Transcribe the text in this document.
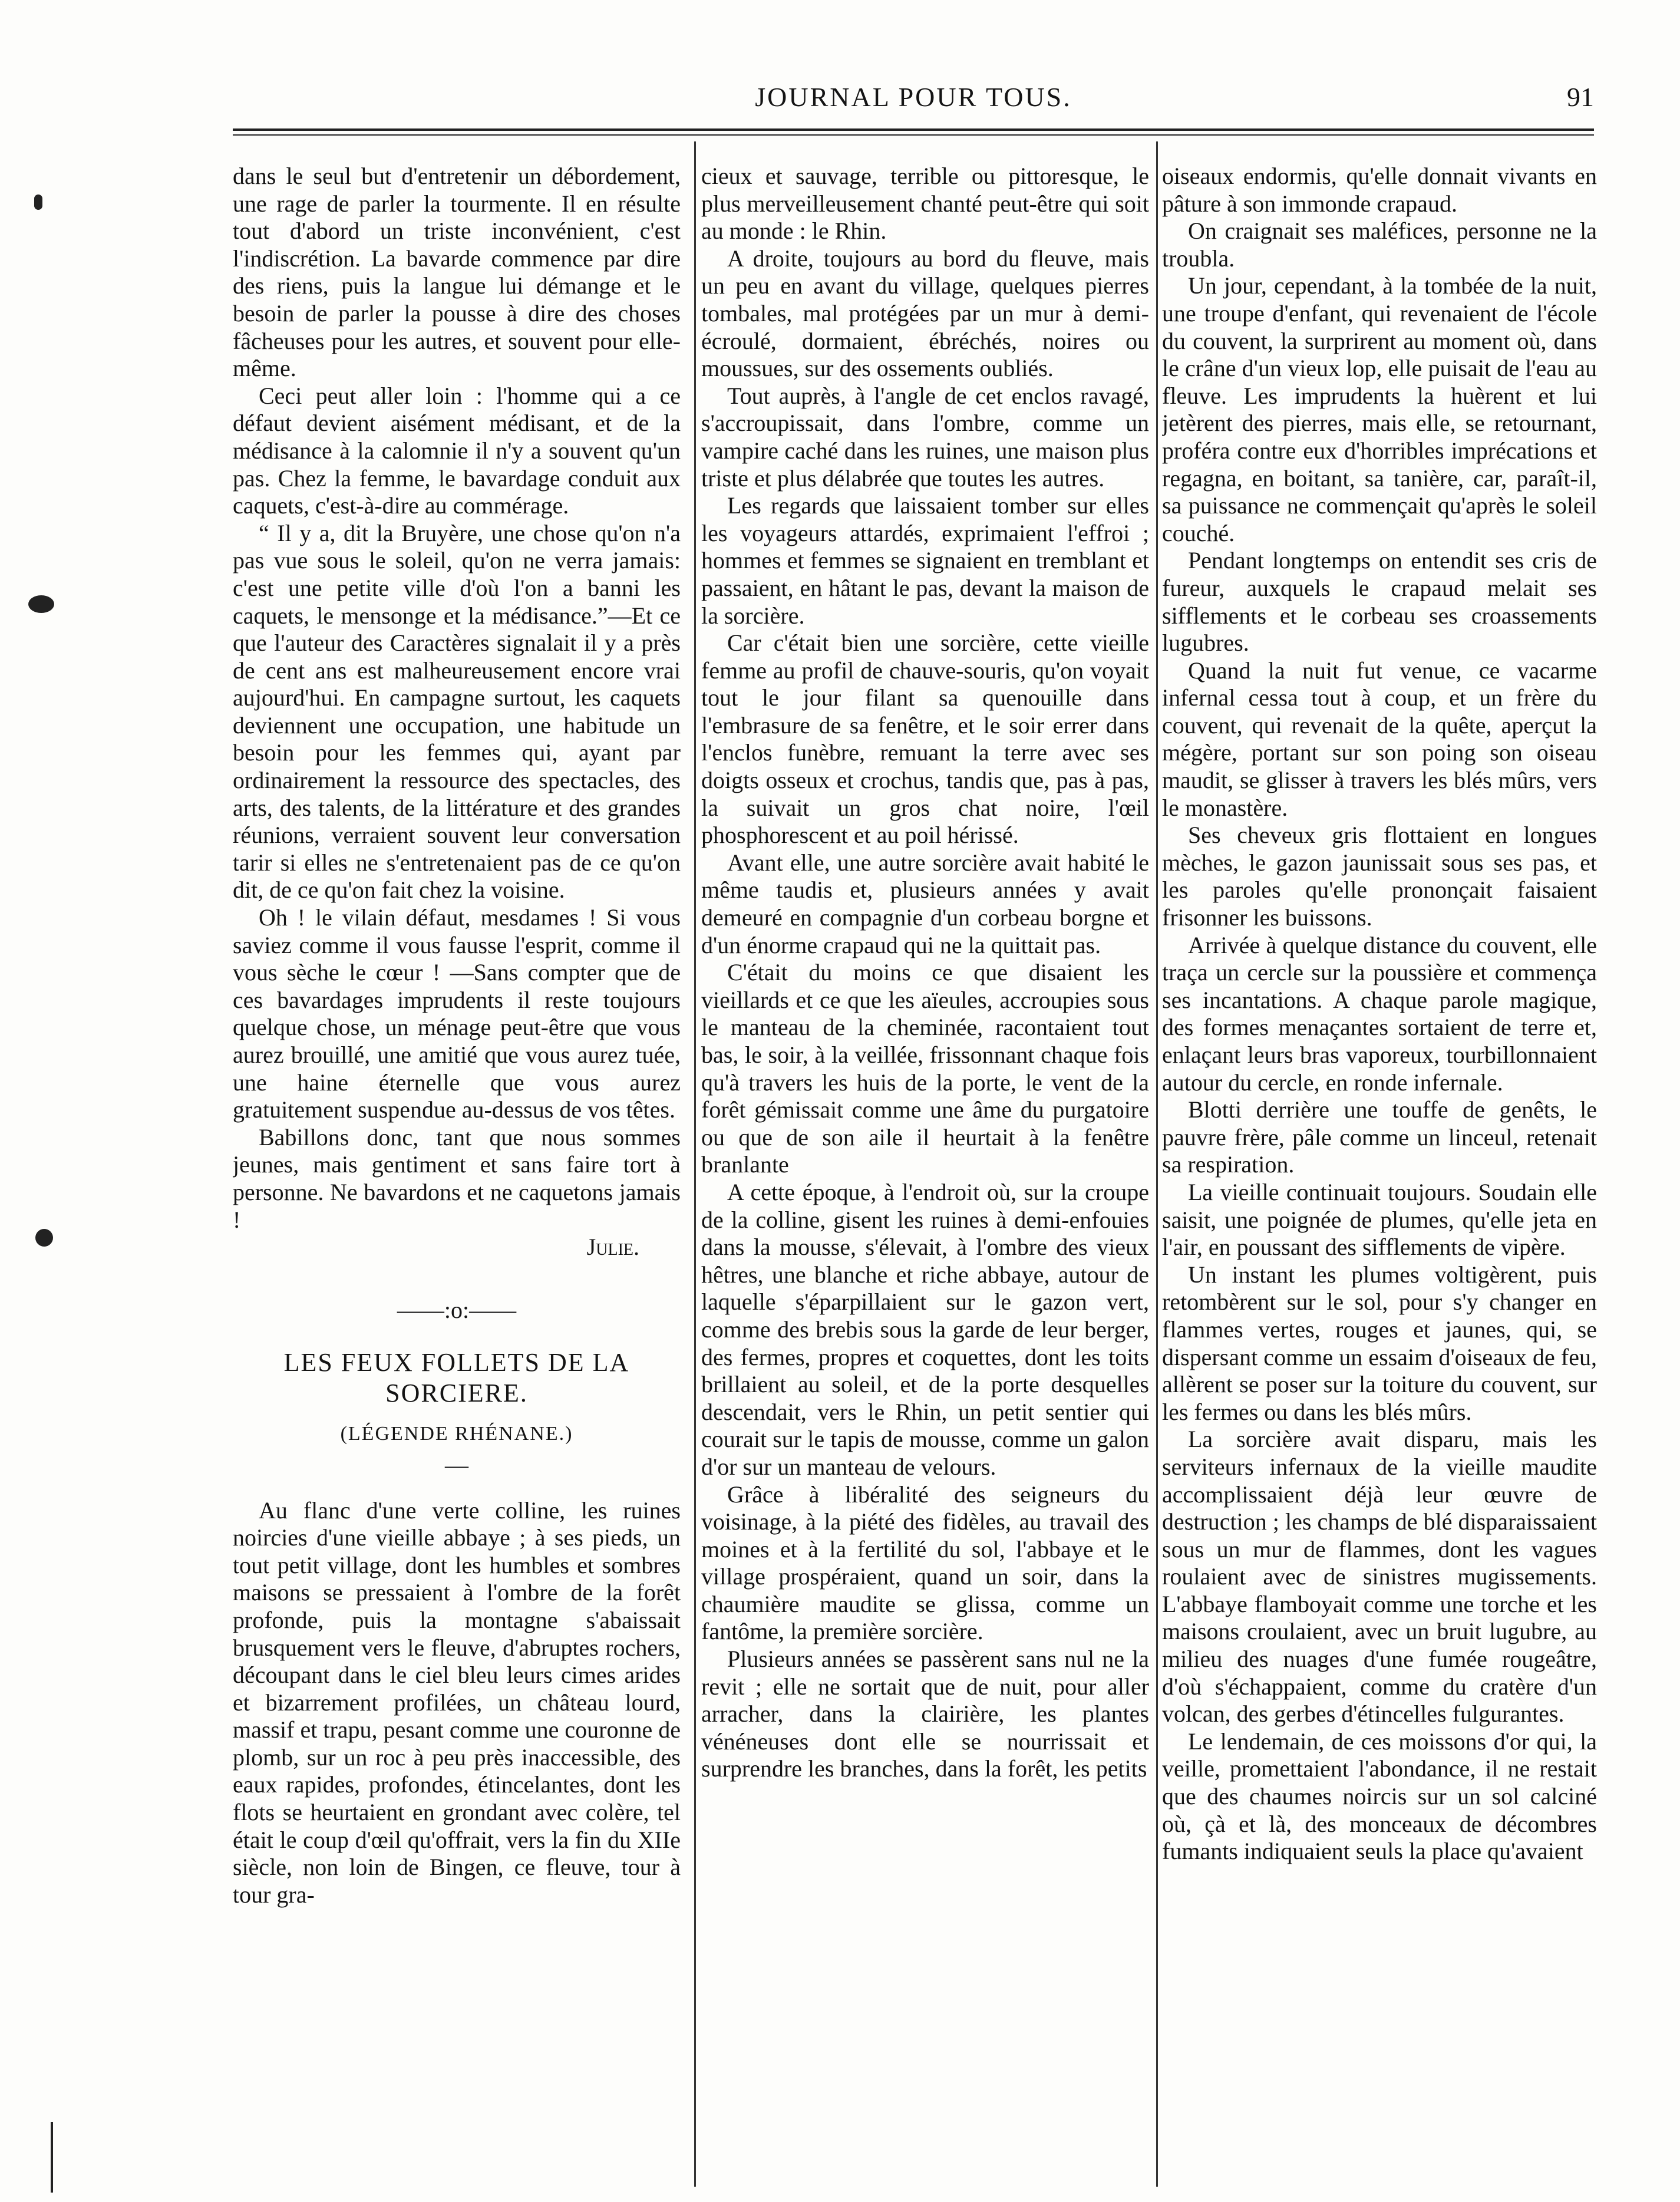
JOURNAL POUR TOUS.	91

dans le seul but d'entretenir un débordement, une rage de parler la tourmente. Il en résulte tout d'abord un triste inconvénient, c'est l'indiscrétion. La bavarde commence par dire des riens, puis la langue lui démange et le besoin de parler la pousse à dire des choses fâcheuses pour les autres, et souvent pour elle-même.

Ceci peut aller loin : l'homme qui a ce défaut devient aisément médisant, et de la médisance à la calomnie il n'y a souvent qu'un pas. Chez la femme, le bavardage conduit aux caquets, c'est-à-dire au commérage.

“ Il y a, dit la Bruyère, une chose qu'on n'a pas vue sous le soleil, qu'on ne verra jamais: c'est une petite ville d'où l'on a banni les caquets, le mensonge et la médisance.”—Et ce que l'auteur des Caractères signalait il y a près de cent ans est malheureusement encore vrai aujourd'hui. En campagne surtout, les caquets deviennent une occupation, une habitude un besoin pour les femmes qui, ayant par ordinairement la ressource des spectacles, des arts, des talents, de la littérature et des grandes réunions, verraient souvent leur conversation tarir si elles ne s'entretenaient pas de ce qu'on dit, de ce qu'on fait chez la voisine.

Oh ! le vilain défaut, mesdames ! Si vous saviez comme il vous fausse l'esprit, comme il vous sèche le cœur ! —Sans compter que de ces bavardages imprudents il reste toujours quelque chose, un ménage peut-être que vous aurez brouillé, une amitié que vous aurez tuée, une haine éternelle que vous aurez gratuitement suspendue au-dessus de vos têtes.

Babillons donc, tant que nous sommes jeunes, mais gentiment et sans faire tort à personne. Ne bavardons et ne caquetons jamais !

Julie.

——:o:——

LES FEUX FOLLETS DE LA SORCIERE.

(LÉGENDE RHÉNANE.)

—

Au flanc d'une verte colline, les ruines noircies d'une vieille abbaye ; à ses pieds, un tout petit village, dont les humbles et sombres maisons se pressaient à l'ombre de la forêt profonde, puis la montagne s'abaissait brusquement vers le fleuve, d'abruptes rochers, découpant dans le ciel bleu leurs cimes arides et bizarrement profilées, un château lourd, massif et trapu, pesant comme une couronne de plomb, sur un roc à peu près inaccessible, des eaux rapides, profondes, étincelantes, dont les flots se heurtaient en grondant avec colère, tel était le coup d'œil qu'offrait, vers la fin du XIIe siècle, non loin de Bingen, ce fleuve, tour à tour gra-

cieux et sauvage, terrible ou pittoresque, le plus merveilleusement chanté peut-être qui soit au monde : le Rhin.

A droite, toujours au bord du fleuve, mais un peu en avant du village, quelques pierres tombales, mal protégées par un mur à demi-écroulé, dormaient, ébréchés, noires ou moussues, sur des ossements oubliés.

Tout auprès, à l'angle de cet enclos ravagé, s'accroupissait, dans l'ombre, comme un vampire caché dans les ruines, une maison plus triste et plus délabrée que toutes les autres.

Les regards que laissaient tomber sur elles les voyageurs attardés, exprimaient l'effroi ; hommes et femmes se signaient en tremblant et passaient, en hâtant le pas, devant la maison de la sorcière.

Car c'était bien une sorcière, cette vieille femme au profil de chauve-souris, qu'on voyait tout le jour filant sa quenouille dans l'embrasure de sa fenêtre, et le soir errer dans l'enclos funèbre, remuant la terre avec ses doigts osseux et crochus, tandis que, pas à pas, la suivait un gros chat noire, l'œil phosphorescent et au poil hérissé.

Avant elle, une autre sorcière avait habité le même taudis et, plusieurs années y avait demeuré en compagnie d'un corbeau borgne et d'un énorme crapaud qui ne la quittait pas.

C'était du moins ce que disaient les vieillards et ce que les aïeules, accroupies sous le manteau de la cheminée, racontaient tout bas, le soir, à la veillée, frissonnant chaque fois qu'à travers les huis de la porte, le vent de la forêt gémissait comme une âme du purgatoire ou que de son aile il heurtait à la fenêtre branlante

A cette époque, à l'endroit où, sur la croupe de la colline, gisent les ruines à demi-enfouies dans la mousse, s'élevait, à l'ombre des vieux hêtres, une blanche et riche abbaye, autour de laquelle s'éparpillaient sur le gazon vert, comme des brebis sous la garde de leur berger, des fermes, propres et coquettes, dont les toits brillaient au soleil, et de la porte desquelles descendait, vers le Rhin, un petit sentier qui courait sur le tapis de mousse, comme un galon d'or sur un manteau de velours.

Grâce à libéralité des seigneurs du voisinage, à la piété des fidèles, au travail des moines et à la fertilité du sol, l'abbaye et le village prospéraient, quand un soir, dans la chaumière maudite se glissa, comme un fantôme, la première sorcière.

Plusieurs années se passèrent sans nul ne la revit ; elle ne sortait que de nuit, pour aller arracher, dans la clairière, les plantes vénéneuses dont elle se nourrissait et surprendre les branches, dans la forêt, les petits

oiseaux endormis, qu'elle donnait vivants en pâture à son immonde crapaud.

On craignait ses maléfices, personne ne la troubla.

Un jour, cependant, à la tombée de la nuit, une troupe d'enfant, qui revenaient de l'école du couvent, la surprirent au moment où, dans le crâne d'un vieux lop, elle puisait de l'eau au fleuve. Les imprudents la huèrent et lui jetèrent des pierres, mais elle, se retournant, proféra contre eux d'horribles imprécations et regagna, en boitant, sa tanière, car, paraît-il, sa puissance ne commençait qu'après le soleil couché.

Pendant longtemps on entendit ses cris de fureur, auxquels le crapaud melait ses sifflements et le corbeau ses croassements lugubres.

Quand la nuit fut venue, ce vacarme infernal cessa tout à coup, et un frère du couvent, qui revenait de la quête, aperçut la mégère, portant sur son poing son oiseau maudit, se glisser à travers les blés mûrs, vers le monastère.

Ses cheveux gris flottaient en longues mèches, le gazon jaunissait sous ses pas, et les paroles qu'elle prononçait faisaient frisonner les buissons.

Arrivée à quelque distance du couvent, elle traça un cercle sur la poussière et commença ses incantations. A chaque parole magique, des formes menaçantes sortaient de terre et, enlaçant leurs bras vaporeux, tourbillonnaient autour du cercle, en ronde infernale.

Blotti derrière une touffe de genêts, le pauvre frère, pâle comme un linceul, retenait sa respiration.

La vieille continuait toujours. Soudain elle saisit, une poignée de plumes, qu'elle jeta en l'air, en poussant des sifflements de vipère.

Un instant les plumes voltigèrent, puis retombèrent sur le sol, pour s'y changer en flammes vertes, rouges et jaunes, qui, se dispersant comme un essaim d'oiseaux de feu, allèrent se poser sur la toiture du couvent, sur les fermes ou dans les blés mûrs.

La sorcière avait disparu, mais les serviteurs infernaux de la vieille maudite accomplissaient déjà leur œuvre de destruction ; les champs de blé disparaissaient sous un mur de flammes, dont les vagues roulaient avec de sinistres mugissements. L'abbaye flamboyait comme une torche et les maisons croulaient, avec un bruit lugubre, au milieu des nuages d'une fumée rougeâtre, d'où s'échappaient, comme du cratère d'un volcan, des gerbes d'étincelles fulgurantes.

Le lendemain, de ces moissons d'or qui, la veille, promettaient l'abondance, il ne restait que des chaumes noircis sur un sol calciné où, çà et là, des monceaux de décombres fumants indiquaient seuls la place qu'avaient
